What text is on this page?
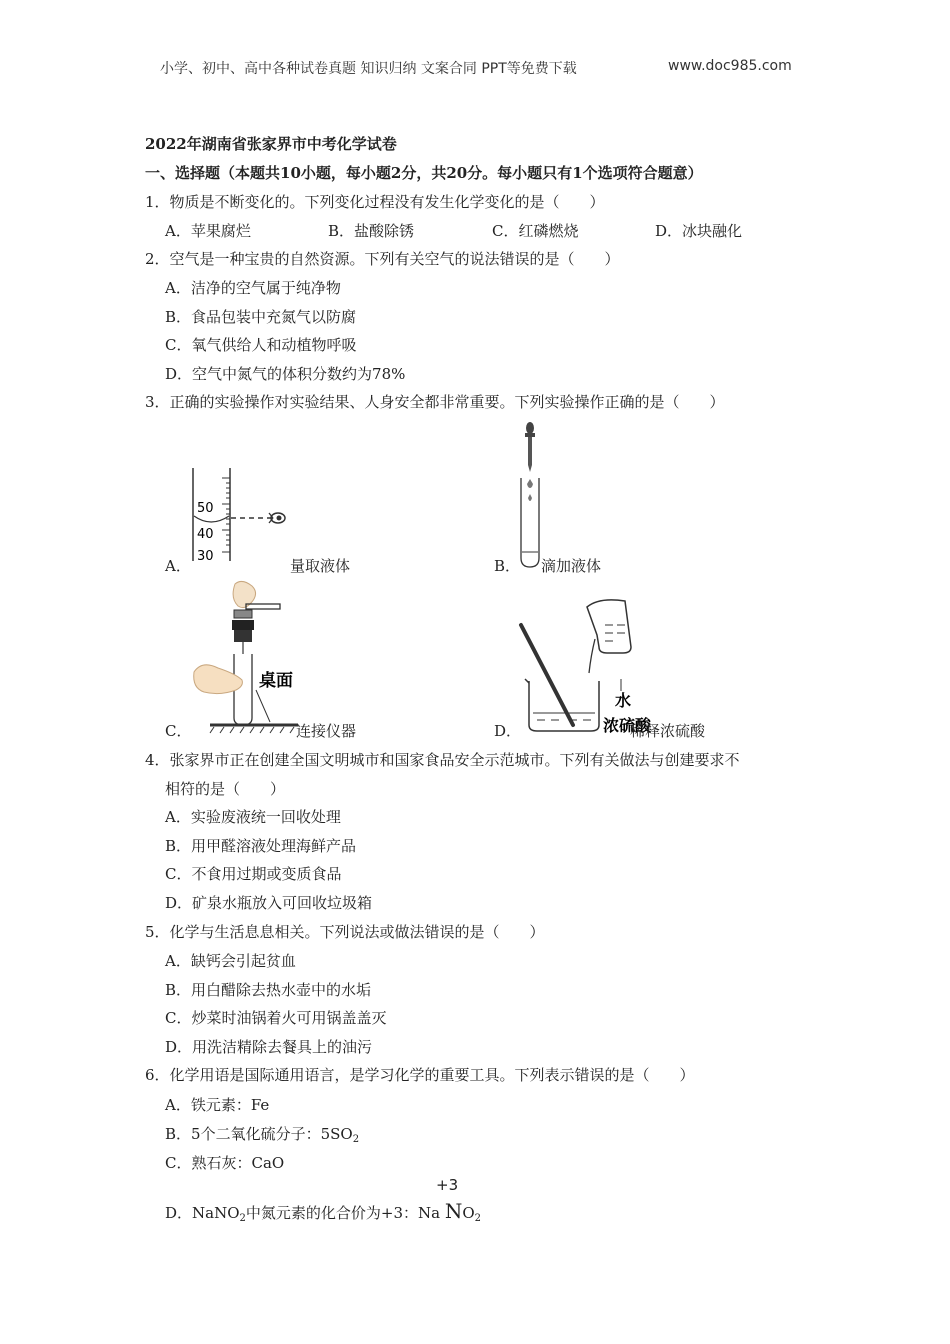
小学、初中、高中各种试卷真题 知识归纳 文案合同 PPT等免费下载	www.doc985.com
2022年湖南省张家界市中考化学试卷
一、选择题（本题共10小题，每小题2分，共20分。每小题只有1个选项符合题意）
1．物质是不断变化的。下列变化过程没有发生化学变化的是（　　）
A．苹果腐烂	B．盐酸除锈	C．红磷燃烧	D．冰块融化
2．空气是一种宝贵的自然资源。下列有关空气的说法错误的是（　　）
A．洁净的空气属于纯净物
B．食品包装中充氮气以防腐
C．氧气供给人和动植物呼吸
D．空气中氮气的体积分数约为78%
3．正确的实验操作对实验结果、人身安全都非常重要。下列实验操作正确的是（　　）
A．
50
40
30
量取液体	B． 滴加液体
C．
桌面
连接仪器	D．
水
浓硫酸
稀释浓硫酸
4．张家界市正在创建全国文明城市和国家食品安全示范城市。下列有关做法与创建要求不
相符的是（　　）
A．实验废液统一回收处理
B．用甲醛溶液处理海鲜产品
C．不食用过期或变质食品
D．矿泉水瓶放入可回收垃圾箱
5．化学与生活息息相关。下列说法或做法错误的是（　　）
A．缺钙会引起贫血
B．用白醋除去热水壶中的水垢
C．炒菜时油锅着火可用锅盖盖灭
D．用洗洁精除去餐具上的油污
6．化学用语是国际通用语言，是学习化学的重要工具。下列表示错误的是（　　）
A．铁元素：Fe
B．5个二氧化硫分子：$5SO_2$
C．熟石灰：CaO
+3
D．NaNO$_2$中氮元素的化合价为+3：Na $NO_2$
